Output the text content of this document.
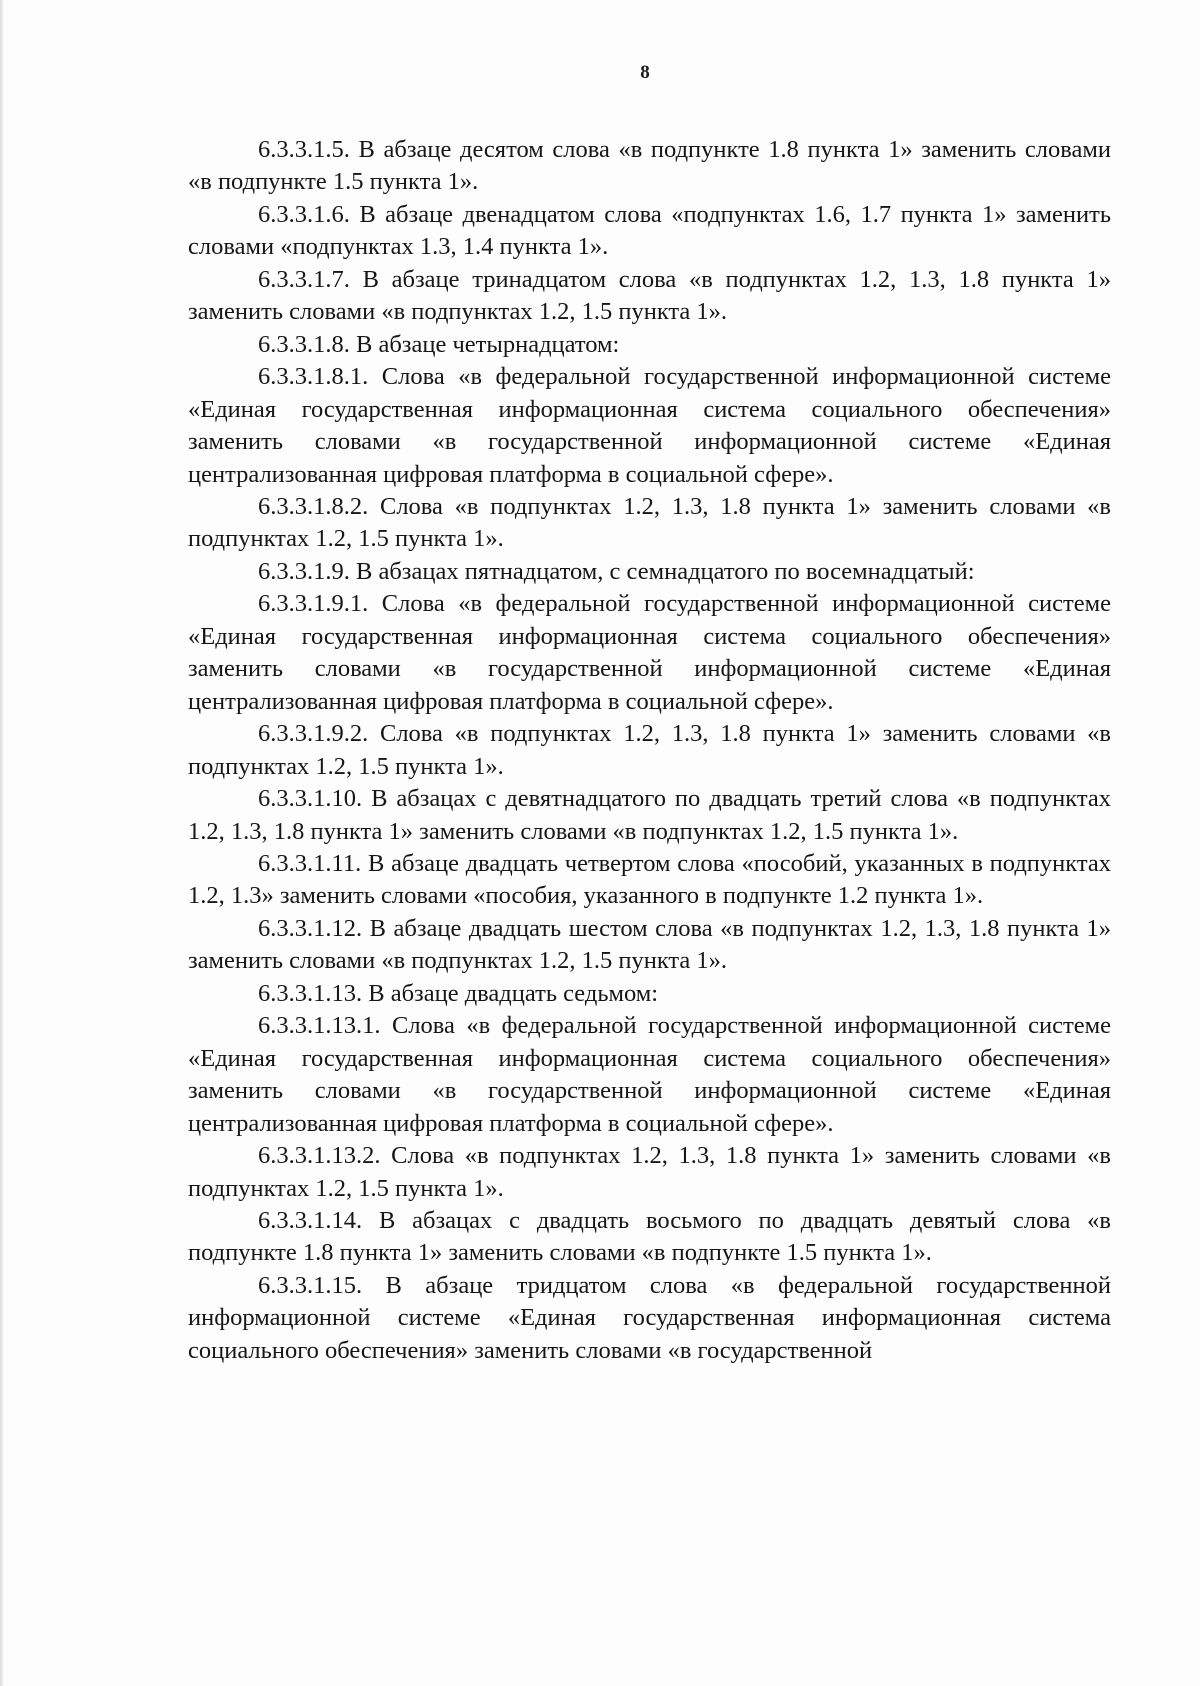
8

6.3.3.1.5. В абзаце десятом слова «в подпункте 1.8 пункта 1» заменить словами «в подпункте 1.5 пункта 1».

6.3.3.1.6. В абзаце двенадцатом слова «подпунктах 1.6, 1.7 пункта 1» заменить словами «подпунктах 1.3, 1.4 пункта 1».

6.3.3.1.7. В абзаце тринадцатом слова «в подпунктах 1.2, 1.3, 1.8 пункта 1» заменить словами «в подпунктах 1.2, 1.5 пункта 1».

6.3.3.1.8. В абзаце четырнадцатом:

6.3.3.1.8.1. Слова «в федеральной государственной информационной системе «Единая государственная информационная система социального обеспечения» заменить словами «в государственной информационной системе «Единая централизованная цифровая платформа в социальной сфере».

6.3.3.1.8.2. Слова «в подпунктах 1.2, 1.3, 1.8 пункта 1» заменить словами «в подпунктах 1.2, 1.5 пункта 1».

6.3.3.1.9. В абзацах пятнадцатом, с семнадцатого по восемнадцатый:

6.3.3.1.9.1. Слова «в федеральной государственной информационной системе «Единая государственная информационная система социального обеспечения» заменить словами «в государственной информационной системе «Единая централизованная цифровая платформа в социальной сфере».

6.3.3.1.9.2. Слова «в подпунктах 1.2, 1.3, 1.8 пункта 1» заменить словами «в подпунктах 1.2, 1.5 пункта 1».

6.3.3.1.10. В абзацах с девятнадцатого по двадцать третий слова «в подпунктах 1.2, 1.3, 1.8 пункта 1» заменить словами «в подпунктах 1.2, 1.5 пункта 1».

6.3.3.1.11. В абзаце двадцать четвертом слова «пособий, указанных в подпунктах 1.2, 1.3» заменить словами «пособия, указанного в подпункте 1.2 пункта 1».

6.3.3.1.12. В абзаце двадцать шестом слова «в подпунктах 1.2, 1.3, 1.8 пункта 1» заменить словами «в подпунктах 1.2, 1.5 пункта 1».

6.3.3.1.13. В абзаце двадцать седьмом:

6.3.3.1.13.1. Слова «в федеральной государственной информационной системе «Единая государственная информационная система социального обеспечения» заменить словами «в государственной информационной системе «Единая централизованная цифровая платформа в социальной сфере».

6.3.3.1.13.2. Слова «в подпунктах 1.2, 1.3, 1.8 пункта 1» заменить словами «в подпунктах 1.2, 1.5 пункта 1».

6.3.3.1.14. В абзацах с двадцать восьмого по двадцать девятый слова «в подпункте 1.8 пункта 1» заменить словами «в подпункте 1.5 пункта 1».

6.3.3.1.15. В абзаце тридцатом слова «в федеральной государственной информационной системе «Единая государственная информационная система социального обеспечения» заменить словами «в государственной
